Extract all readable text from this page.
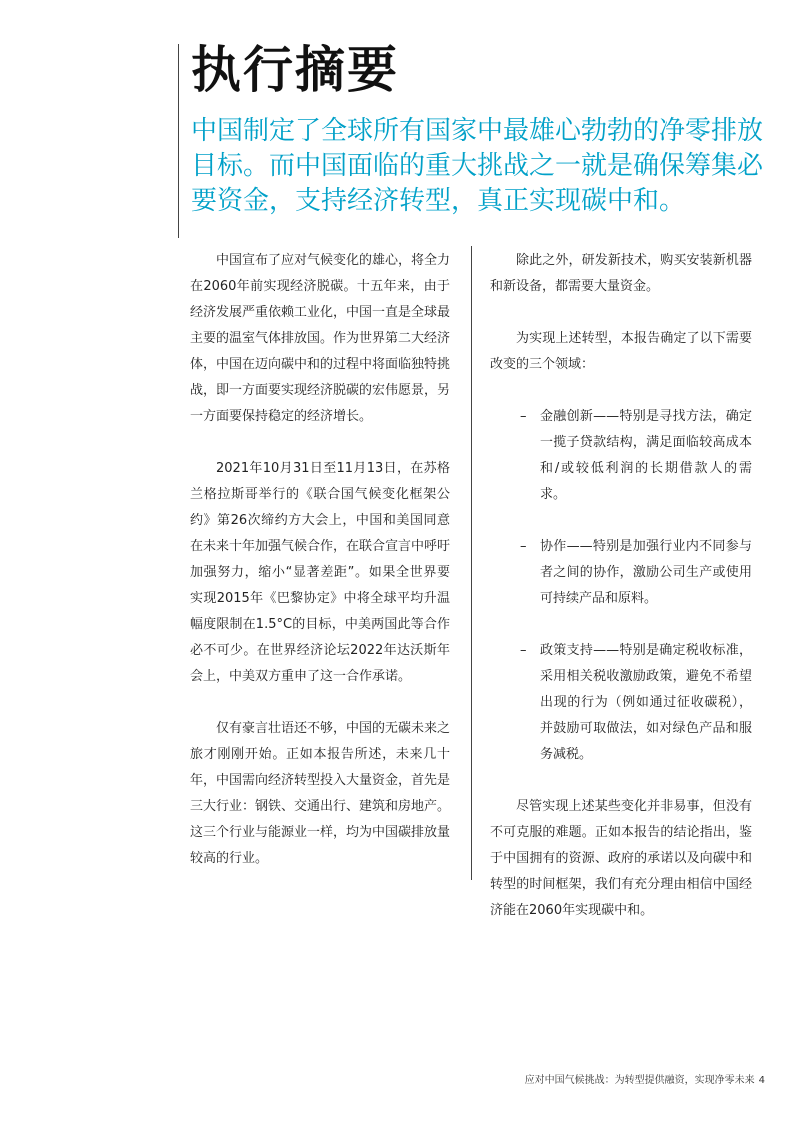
执行摘要

中国制定了全球所有国家中最雄心勃勃的净零排放目标。而中国面临的重大挑战之一就是确保筹集必要资金，支持经济转型，真正实现碳中和。

中国宣布了应对气候变化的雄心，将全力在2060年前实现经济脱碳。十五年来，由于经济发展严重依赖工业化，中国一直是全球最主要的温室气体排放国。作为世界第二大经济体，中国在迈向碳中和的过程中将面临独特挑战，即一方面要实现经济脱碳的宏伟愿景，另一方面要保持稳定的经济增长。

2021年10月31日至11月13日，在苏格兰格拉斯哥举行的《联合国气候变化框架公约》第26次缔约方大会上，中国和美国同意在未来十年加强气候合作，在联合宣言中呼吁加强努力，缩小“显著差距”。如果全世界要实现2015年《巴黎协定》中将全球平均升温幅度限制在1.5°C的目标，中美两国此等合作必不可少。在世界经济论坛2022年达沃斯年会上，中美双方重申了这一合作承诺。

仅有豪言壮语还不够，中国的无碳未来之旅才刚刚开始。正如本报告所述，未来几十年，中国需向经济转型投入大量资金，首先是三大行业：钢铁、交通出行、建筑和房地产。这三个行业与能源业一样，均为中国碳排放量较高的行业。

除此之外，研发新技术，购买安装新机器和新设备，都需要大量资金。

为实现上述转型，本报告确定了以下需要改变的三个领域：

– 金融创新——特别是寻找方法，确定一揽子贷款结构，满足面临较高成本和/或较低利润的长期借款人的需求。
– 协作——特别是加强行业内不同参与者之间的协作，激励公司生产或使用可持续产品和原料。
– 政策支持——特别是确定税收标准，采用相关税收激励政策，避免不希望出现的行为（例如通过征收碳税），并鼓励可取做法，如对绿色产品和服务减税。

尽管实现上述某些变化并非易事，但没有不可克服的难题。正如本报告的结论指出，鉴于中国拥有的资源、政府的承诺以及向碳中和转型的时间框架，我们有充分理由相信中国经济能在2060年实现碳中和。

应对中国气候挑战：为转型提供融资，实现净零未来 4
